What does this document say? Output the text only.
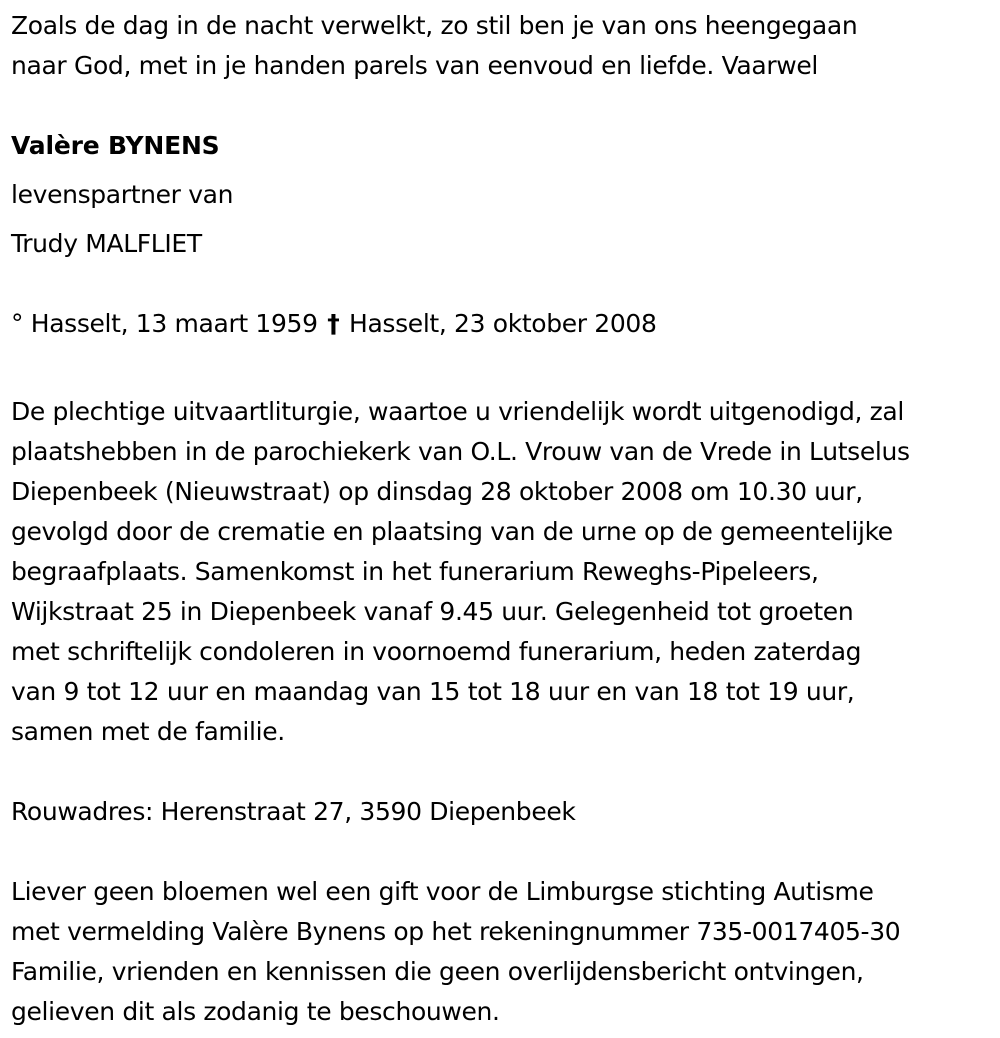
Zoals de dag in de nacht verwelkt, zo stil ben je van ons heengegaan
naar God, met in je handen parels van eenvoud en liefde. Vaarwel
Valère BYNENS
levenspartner van
Trudy MALFLIET
° Hasselt, 13 maart 1959 † Hasselt, 23 oktober 2008
De plechtige uitvaartliturgie, waartoe u vriendelijk wordt uitgenodigd, zal
plaatshebben in de parochiekerk van O.L. Vrouw van de Vrede in Lutselus
Diepenbeek (Nieuwstraat) op dinsdag 28 oktober 2008 om 10.30 uur,
gevolgd door de crematie en plaatsing van de urne op de gemeentelijke
begraafplaats. Samenkomst in het funerarium Reweghs-Pipeleers,
Wijkstraat 25 in Diepenbeek vanaf 9.45 uur. Gelegenheid tot groeten
met schriftelijk condoleren in voornoemd funerarium, heden zaterdag
van 9 tot 12 uur en maandag van 15 tot 18 uur en van 18 tot 19 uur,
samen met de familie.
Rouwadres: Herenstraat 27, 3590 Diepenbeek
Liever geen bloemen wel een gift voor de Limburgse stichting Autisme
met vermelding Valère Bynens op het rekeningnummer 735-0017405-30
Familie, vrienden en kennissen die geen overlijdensbericht ontvingen,
gelieven dit als zodanig te beschouwen.
